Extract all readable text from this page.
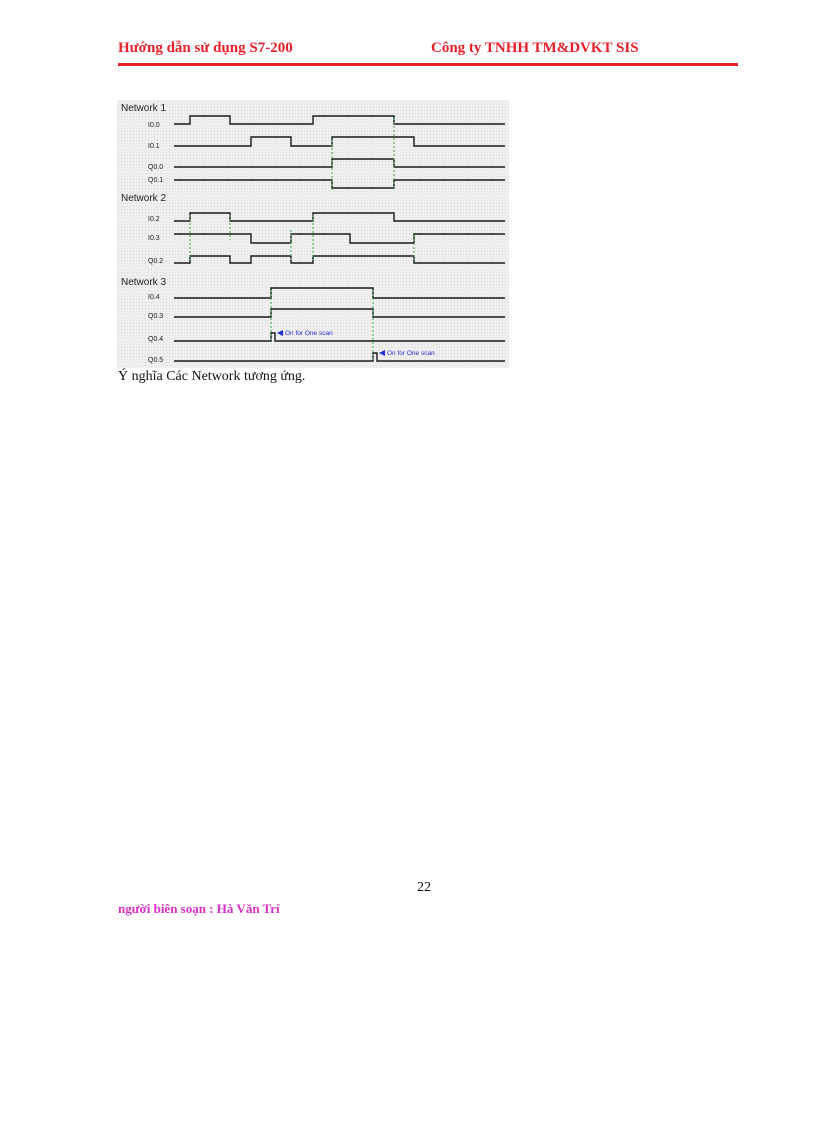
Hướng dẫn sử dụng S7-200	Công ty TNHH TM&DVKT SIS
Network 1
I0.0
I0.1
Q0.0
Q0.1
Network 2
I0.2
I0.3
Q0.2
Network 3
I0.4
Q0.3
Q0.4
Q0.5
On for One scan
On for One scan
Ý nghĩa Các Network tương ứng.
22
người biên soạn : Hà Văn Trí
